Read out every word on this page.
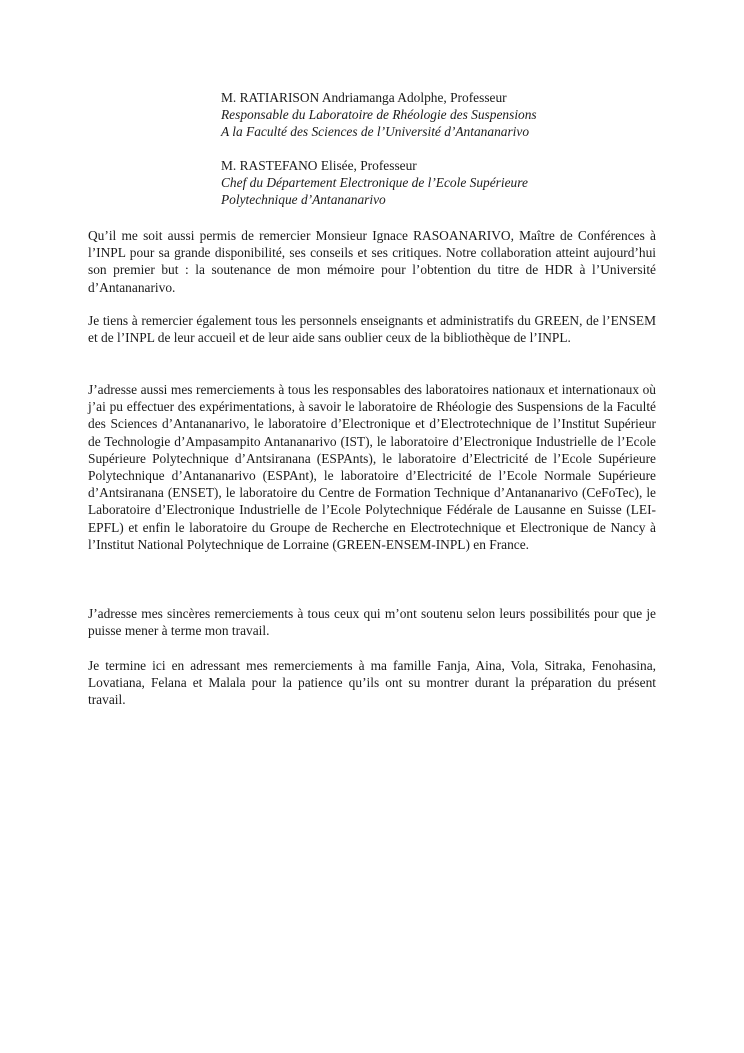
M. RATIARISON Andriamanga Adolphe, Professeur
Responsable du Laboratoire de Rhéologie des Suspensions
A la Faculté des Sciences de l’Université d’Antananarivo
M. RASTEFANO Elisée, Professeur
Chef du Département Electronique de l’Ecole Supérieure
Polytechnique d’Antananarivo

Qu’il me soit aussi permis de remercier Monsieur Ignace RASOANARIVO, Maître de Conférences à l’INPL pour sa grande disponibilité, ses conseils et ses critiques. Notre collaboration atteint aujourd’hui son premier but : la soutenance de mon mémoire pour l’obtention du titre de HDR à l’Université d’Antananarivo.

Je tiens à remercier également tous les personnels enseignants et administratifs du GREEN, de l’ENSEM et de l’INPL de leur accueil et de leur aide sans oublier ceux de la bibliothèque de l’INPL.

J’adresse aussi mes remerciements à tous les responsables des laboratoires nationaux et internationaux où j’ai pu effectuer des expérimentations, à savoir le laboratoire de Rhéologie des Suspensions de la Faculté des Sciences d’Antananarivo, le laboratoire d’Electronique et d’Electrotechnique de l’Institut Supérieur de Technologie d’Ampasampito Antananarivo (IST), le laboratoire d’Electronique Industrielle de l’Ecole Supérieure Polytechnique d’Antsiranana (ESPAnts), le laboratoire d’Electricité de l’Ecole Supérieure Polytechnique d’Antananarivo (ESPAnt), le laboratoire d’Electricité de l’Ecole Normale Supérieure d’Antsiranana (ENSET), le laboratoire du Centre de Formation Technique d’Antananarivo (CeFoTec), le Laboratoire d’Electronique Industrielle de l’Ecole Polytechnique Fédérale de Lausanne en Suisse (LEI-EPFL) et enfin le laboratoire du Groupe de Recherche en Electrotechnique et Electronique de Nancy à l’Institut National Polytechnique de Lorraine (GREEN-ENSEM-INPL) en France.

J’adresse mes sincères remerciements à tous ceux qui m’ont soutenu selon leurs possibilités pour que je puisse mener à terme mon travail.

Je termine ici en adressant mes remerciements à ma famille Fanja, Aina, Vola, Sitraka, Fenohasina, Lovatiana, Felana et Malala pour la patience qu’ils ont su montrer durant la préparation du présent travail.
